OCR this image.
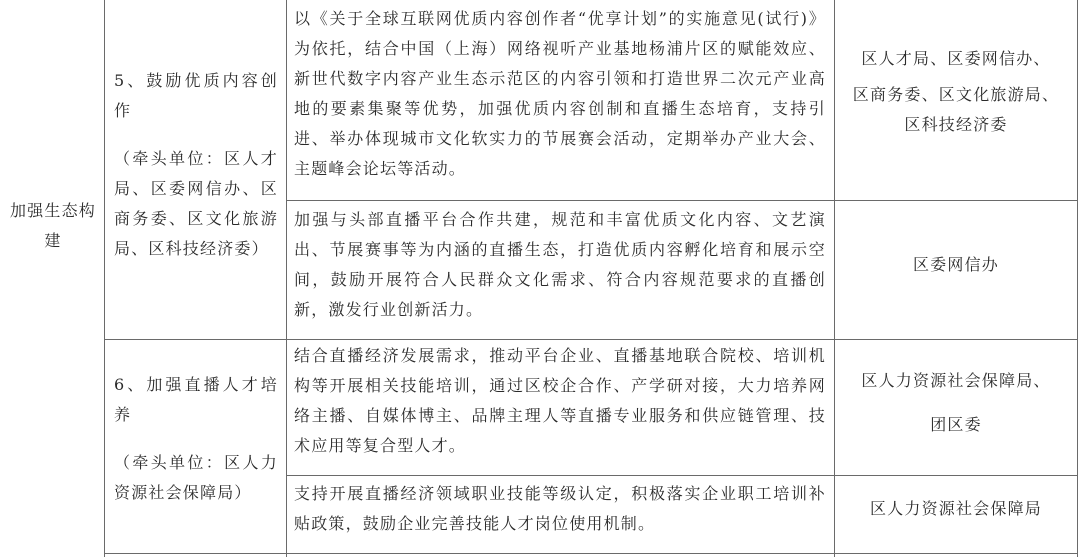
加强生态构建
5、鼓励优质内容创作
（牵头单位：区人才局、区委网信办、区商务委、区文化旅游局、区科技经济委）
以《关于全球互联网优质内容创作者“优享计划”的实施意见(试行)》为依托，结合中国（上海）网络视听产业基地杨浦片区的赋能效应、新世代数字内容产业生态示范区的内容引领和打造世界二次元产业高地的要素集聚等优势，加强优质内容创制和直播生态培育，支持引进、举办体现城市文化软实力的节展赛会活动，定期举办产业大会、主题峰会论坛等活动。
区人才局、区委网信办、
区商务委、区文化旅游局、
区科技经济委
加强与头部直播平台合作共建，规范和丰富优质文化内容、文艺演出、节展赛事等为内涵的直播生态，打造优质内容孵化培育和展示空间，鼓励开展符合人民群众文化需求、符合内容规范要求的直播创新，激发行业创新活力。
区委网信办
6、加强直播人才培养
（牵头单位：区人力资源社会保障局）
结合直播经济发展需求，推动平台企业、直播基地联合院校、培训机构等开展相关技能培训，通过区校企合作、产学研对接，大力培养网络主播、自媒体博主、品牌主理人等直播专业服务和供应链管理、技术应用等复合型人才。
区人力资源社会保障局、
团区委
支持开展直播经济领域职业技能等级认定，积极落实企业职工培训补贴政策，鼓励企业完善技能人才岗位使用机制。
区人力资源社会保障局
